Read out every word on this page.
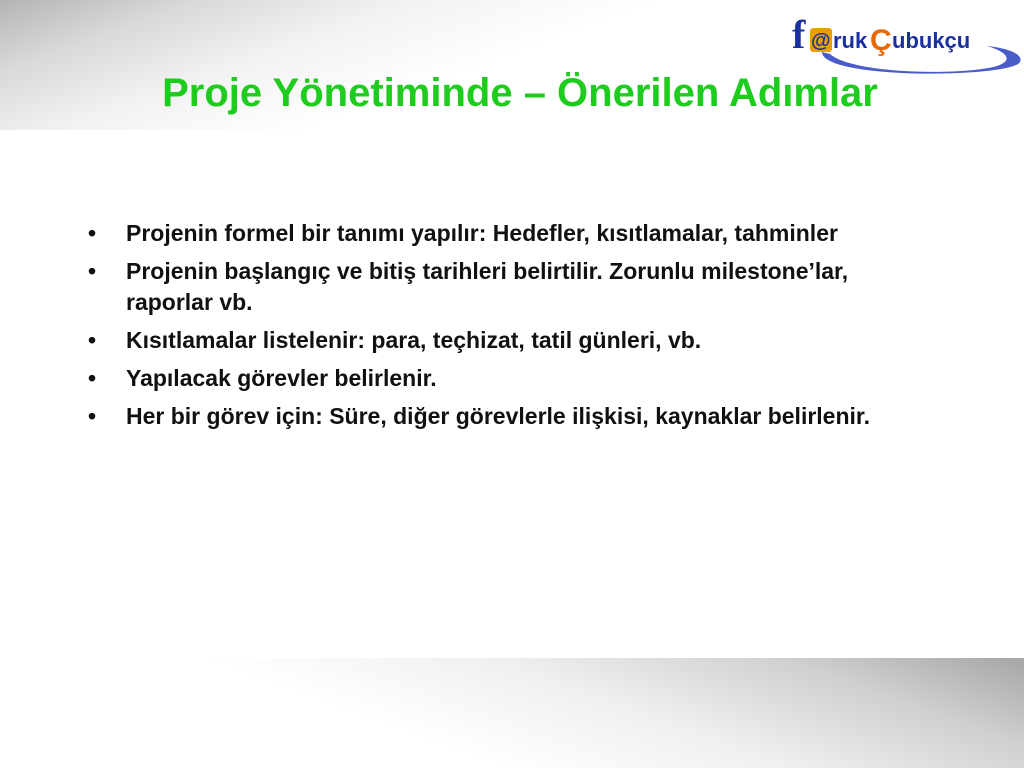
f @ ruk Ç ubukçu
Proje Yönetiminde – Önerilen Adımlar
• Projenin formel bir tanımı yapılır: Hedefler, kısıtlamalar, tahminler
• Projenin başlangıç ve bitiş tarihleri belirtilir. Zorunlu milestone’lar, raporlar vb.
• Kısıtlamalar listelenir: para, teçhizat, tatil günleri, vb.
• Yapılacak görevler belirlenir.
• Her bir görev için: Süre, diğer görevlerle ilişkisi, kaynaklar belirlenir.
